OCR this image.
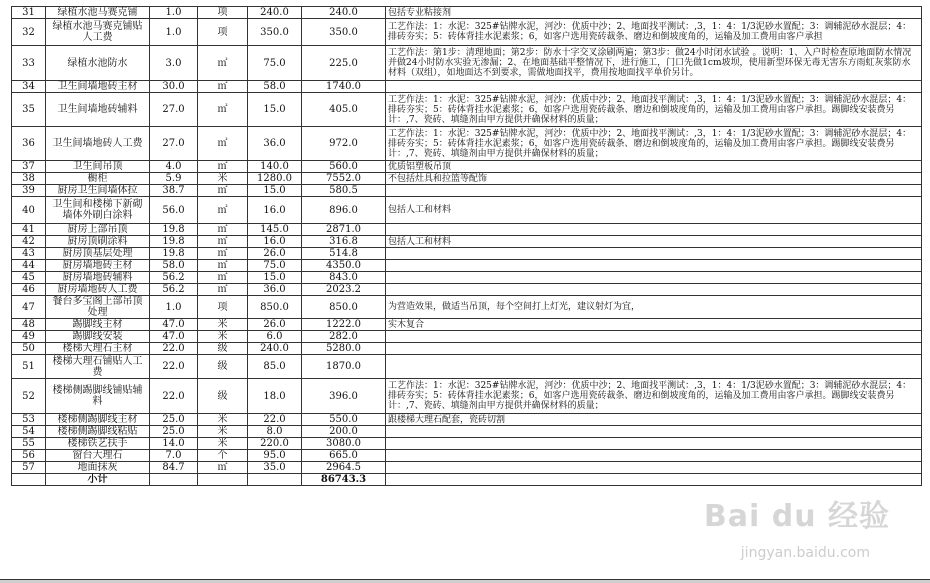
31	绿植水池马赛克铺	1.0	项	240.0	240.0	包括专业粘接剂
32	绿植水池马赛克铺贴人工费	1.0	项	350.0	350.0	工艺作法：1：水泥：325#钻牌水泥，河沙：优质中沙；2、地面找平测试：,3，1：4：1/3泥砂水置配；3：调辅泥砂水混层；4：排砖夯实；5：砖体背挂水泥素浆；6，如客户选用瓷砖裁条、磨边和倒坡度角的，运输及加工费用由客户承担
33	绿植水池防水	3.0	㎡	75.0	225.0	工艺作法：第1步：清理地面；第2步：防水十字交叉涂刷两遍；第3步：做24小时闭水试验 。说明：1、入户时检查原地面防水情况并做24小时防水实验无渗漏；2、在地面基础平整情况下，进行施工，门口先做1cm坡坝，使用新型环保无毒无害东方雨虹灰浆防水材料（双组），如地面达不到要求，需做地面找平，费用按地面找平单价另计。
34	卫生间墙地砖主材	30.0	㎡	58.0	1740.0	
35	卫生间墙地砖辅料	27.0	㎡	15.0	405.0	工艺作法：1：水泥：325#钻牌水泥，河沙：优质中沙；2、地面找平测试：,3，1：4：1/3泥砂水置配；3：调辅泥砂水混层；4：排砖夯实；5：砖体背挂水泥素浆；6，如客户选用瓷砖裁条、磨边和倒坡度角的，运输及加工费用由客户承担。踢脚线安装费另计：,7、瓷砖、填缝剂由甲方提供并确保材料的质量；
36	卫生间墙地砖人工费	27.0	㎡	36.0	972.0	工艺作法：1：水泥：325#钻牌水泥，河沙：优质中沙；2、地面找平测试：,3，1：4：1/3泥砂水置配；3：调辅泥砂水混层；4：排砖夯实；5：砖体背挂水泥素浆；6，如客户选用瓷砖裁条、磨边和倒坡度角的，运输及加工费用由客户承担。踢脚线安装费另计：,7、瓷砖、填缝剂由甲方提供并确保材料的质量；
37	卫生间吊顶	4.0	㎡	140.0	560.0	优质铝塑板吊顶
38	橱柜	5.9	米	1280.0	7552.0	不包括灶具和拉篮等配饰
39	厨房卫生间墙体拉	38.7	㎡	15.0	580.5	
40	卫生间和楼梯下新砌墙体外刷白涂料	56.0	㎡	16.0	896.0	包括人工和材料
41	厨房上部吊顶	19.8	㎡	145.0	2871.0	
42	厨房顶刷涂料	19.8	㎡	16.0	316.8	包括人工和材料
43	厨房顶基层处理	19.8	㎡	26.0	514.8	
44	厨房墙地砖主材	58.0	㎡	75.0	4350.0	
45	厨房墙地砖辅料	56.2	㎡	15.0	843.0	
46	厨房墙地砖人工费	56.2	㎡	36.0	2023.2	
47	餐台多宝阁上部吊顶处理	1.0	项	850.0	850.0	为营造效果，做适当吊顶，每个空间打上灯光，建议射灯为宜，
48	踢脚线主材	47.0	米	26.0	1222.0	实木复合
49	踢脚线安装	47.0	米	6.0	282.0	
50	楼梯大理石主材	22.0	级	240.0	5280.0	
51	楼梯大理石铺贴人工费	22.0	级	85.0	1870.0	
52	楼梯侧踢脚线铺贴辅料	22.0	级	18.0	396.0	工艺作法：1：水泥：325#钻牌水泥，河沙：优质中沙；2、地面找平测试：,3，1：4：1/3泥砂水置配；3：调辅泥砂水混层；4：排砖夯实；5：砖体背挂水泥素浆；6，如客户选用瓷砖裁条、磨边和倒坡度角的，运输及加工费用由客户承担。踢脚线安装费另计：,7、瓷砖、填缝剂由甲方提供并确保材料的质量；
53	楼梯侧踢脚线主材	25.0	米	22.0	550.0	跟楼梯大理石配套，瓷砖切割
54	楼梯侧踢脚线粘贴	25.0	米	8.0	200.0	
55	楼梯铁艺扶手	14.0	米	220.0	3080.0	
56	窗台大理石	7.0	个	95.0	665.0	
57	地面抹灰	84.7	㎡	35.0	2964.5	
	小计				86743.3	
Bai du 经验
jingyan.baidu.com
